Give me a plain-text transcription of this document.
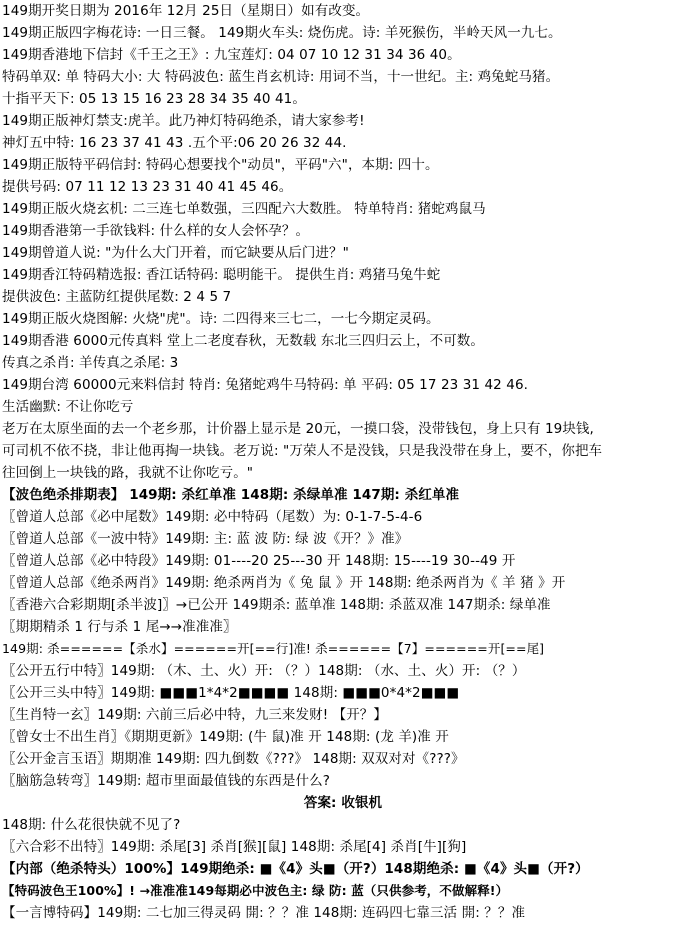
149期开奖日期为 2016年 12月 25日（星期日）如有改变。
149期正版四字梅花诗: 一日三餐。 149期火车头: 烧伤虎。诗: 羊死猴伤，半岭天风一九七。
149期香港地下信封《千王之王》: 九宝莲灯: 04 07 10 12 31 34 36 40。
特码单双: 单 特码大小: 大 特码波色: 蓝生肖玄机诗: 用词不当，十一世纪。主: 鸡兔蛇马猪。
十指平天下: 05 13 15 16 23 28 34 35 40 41。
149期正版神灯禁支:虎羊。此乃神灯特码绝杀，请大家参考!
神灯五中特: 16 23 37 41 43 .五个平:06 20 26 32 44.
149期正版特平码信封: 特码心想要找个"动员"，平码"六"，本期: 四十。
提供号码: 07 11 12 13 23 31 40 41 45 46。
149期正版火烧玄机: 二三连七单数强，三四配六大数胜。 特单特肖: 猪蛇鸡鼠马
149期香港第一手欲钱料: 什么样的女人会怀孕？。
149期曾道人说: "为什么大门开着，而它缺要从后门进？"
149期香江特码精选报: 香江话特码: 聪明能干。 提供生肖: 鸡猪马兔牛蛇
提供波色: 主蓝防红提供尾数: 2 4 5 7
149期正版火烧图解: 火烧"虎"。诗: 二四得来三七二，一七今期定灵码。
149期香港 6000元传真料 堂上二老度春秋，无数载 东北三四归云上，不可数。
传真之杀肖: 羊传真之杀尾: 3
149期台湾 60000元来料信封 特肖: 兔猪蛇鸡牛马特码: 单 平码: 05 17 23 31 42 46.
生活幽默: 不让你吃亏
老万在太原坐面的去一个老乡那，计价器上显示是 20元，一摸口袋，没带钱包，身上只有 19块钱,
可司机不依不挠，非让他再掏一块钱。老万说: "万荣人不是没钱，只是我没带在身上，要不，你把车
往回倒上一块钱的路，我就不让你吃亏。"
【波色绝杀排期表】 149期: 杀红单准 148期: 杀绿单准 147期: 杀红单准
〖曾道人总部《必中尾数》149期: 必中特码（尾数）为: 0-1-7-5-4-6
〖曾道人总部《一波中特》149期: 主: 蓝 波 防: 绿 波《开？》准》
〖曾道人总部《必中特段》149期: 01----20 25---30 开 148期: 15----19 30--49 开
〖曾道人总部《绝杀两肖》149期: 绝杀两肖为《 兔 鼠 》开 148期: 绝杀两肖为《 羊 猪 》开
〖香港六合彩期期[杀半波]〗→已公开 149期杀: 蓝单准 148期: 杀蓝双准 147期杀: 绿单准
〖期期精杀 1 行与杀 1 尾→→准准准〗
149期: 杀======【杀水】======开[==行]准! 杀======【7】======开[==尾]
〖公开五行中特〗149期: （木、土、火）开: （？）148期: （水、土、火）开: （？）
〖公开三头中特〗149期: ■■■1*4*2■■■■ 148期: ■■■0*4*2■■■
〖生肖特一玄〗149期: 六前三后必中特，九三来发财! 【开？】
〖曾女士不出生肖〗《期期更新》149期: (牛 鼠)准 开 148期: (龙 羊)准 开
〖公开金言玉语〗期期准 149期: 四九倒数《???》 148期: 双双对对《???》
〖脑筋急转弯〗149期: 超市里面最值钱的东西是什么?
答案: 收银机
148期: 什么花很快就不见了?
〖六合彩不出特〗149期: 杀尾[3] 杀肖[猴][鼠] 148期: 杀尾[4] 杀肖[牛][狗]
【内部（绝杀特头）100%】149期绝杀: ■《4》头■（开?）148期绝杀: ■《4》头■（开?）
【特码波色王100%】! →准准准149每期必中波色主: 绿 防: 蓝（只供参考，不做解释!）
【一言博特码】149期: 二七加三得灵码 開: ？？准 148期: 连码四七靠三活 開: ？？准
